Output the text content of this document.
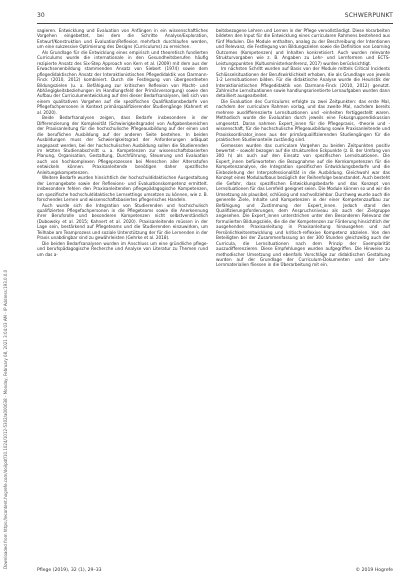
Downloaded from https://econtent.hogrefe.com/doi/pdf/10.1024/1012-5302/a000638 - Monday, February 08, 2021 3:04:03 AM - IP Address:193.0.0.0
30	SCHWERPUNKT

sagieren. Entwicklung und Evaluation von Anfängen in ein wissenschaftliches Vorgehen eingebettet, bei dem die Schritte Analyse/Exploration, Entwurf/Konstruktion und Evaluation/Reflexion mehrfach durchlaufen werden, um eine sukzessive Optimierung des Designs (Curriculums) zu erreichen.

Als Grundlage für die Entwicklung eines empirisch und theoretisch fundierten Curriculums wurde die internationale in den Gesundheitsberufen häufig rezipierte Ansatz des Six-Step Approach von Kern et al. (2009) mit dem aus der Erwachsenenbildung stammenden Ansatz von Siebert (1974) sowie dem pflegedidaktischen Ansatz der Interaktionistischen Pflegedidaktik von Darmann-Finck (2010, 2012) kombiniert. Durch die Festlegung von übergeordneten Bildungszielen (u. a. Befähigung zur kritischen Reflexion von Macht- und Abhängigkeitsbeziehungen im Handlungsfeld der Primärversorgung) sowie den Aufbau der Curriculumentwicklung auf drei dieser Bedarfsanalysen, ließ sich von einem qualitativen Vorgehen auf die spezifischen Qualifikationsbedarfe von Pflegefachpersonen in Kontext primärqualifizierender Studiengänge (Kahnert et al. 2020).

Beide Bedarfsanalysen zeigen, dass Bedarfe insbesondere in der Differenzierung der Komplexität (Schwierigkeitsgrade) von Aufgabenbereichen der Praxisanleitung für die hochschulische Pflegeausbildung auf der einen und die beruflichen Ausbildung auf der anderen Seite bestehen. In beiden Ausbildungen muss der Schwierigkeitsgrad der Anforderungen adäquat angepasst werden, bei der hochschulischen Ausbildung sollen die Studierenden im letzten Studienabschnitt u. a. Kompetenzen zur wissenschaftsbasierten Planung, Organisation, Gestaltung, Durchführung, Steuerung und Evaluation auch von hochkomplexen Pflegeprozessen bei Menschen aller Altersstufen entwickeln können. Praxisanleitende benötigen daher spezifische Anleitungskompetenzen.

Weitere Bedarfe wurden hinsichtlich der hochschuldidaktischen Ausgestaltung der Lernangebote sowie der Reflexions- und Evaluationskompetenz ermittelt. Insbesondere fehlen den Praxisanleitenden pflegepädagogische Kompetenzen, um spezifische hochschuldidaktische Lernsettings umsetzen zu können, wie z. B. forschendes Lernen und wissenschaftsbasiertes pflegerisches Handeln.

Auch wurde sich die Integration von Studierenden und hochschulisch qualifizierten Pflegefachpersonen in die Pflegeteams sowie die Anerkennung ihrer Berufsrolle und besonderen Kompetenzen nicht selbstverständlich (Dubowsky et al. 2015; Kahnert et al. 2020). Praxisanleitende müssen in der Lage sein, bestärkend auf Pflegeteams und die Studierenden einzuwirken, um Teilhabe am Teamprozess und soziale Unterstützung der für die Lernenden in der Praxis unabdingbar sind zu gewährleisten (Gehrke et al. 2018).

Die beiden Bedarfsanalysen wurden im Anschluss um eine gründliche pflege- und berufspädagogische Recherche und Analyse von Literatur zu Themen rund um das a-

beitsbezogene Lehren und Lernen in der Pflege vervollständigt. Diese Vorarbeiten bildeten den Input für die Entwicklung eines curricularen Rahmens bestehend aus fünf Modulen. Die Module enthalten, analog zu der Beschreibung der Intentionen und Relevanz, die Festlegung von Bildungszielen sowie die Definition von Learning Outcomes (Kompetenzen) und Inhalten konkretisiert. Auch wurden relevante Strukturvorgaben wie z. B. Angaben zu Lehr- und Lernformen und ECTS-Leistungspunkten (Kultusministerkonferenz, 2017) wurden berücksichtigt.

Im nächsten Schritt wurden auf Basis von der Module mittels Critical Incidents Schlüsselsituationen der Berufswirklichkeit erhoben, die als Grundlage von jeweils 1-2 Lernsituationen bilden. Für die didaktische Analyse wurde die Heuristik der Interaktionistischen Pflegedidaktik von Darmann-Finck (2010, 2012) genutzt. Zahlreiche Lernsituationen sowie handlungsorientierte Lernaufgaben wurden dann detailliert ausgearbeitet.

Die Evaluation des Curriculums erfolgte zu zwei Zeitpunkten: das erste Mal, nachdem der curriculare Rahmen vorlag, und das zweite Mal, nachdem bereits mehrere ausdifferenzierte Lernsituationen und -einheiten fertiggestellt waren. Methodisch wurde die Evaluation durch jeweils eine Fokusgruppendiskussion umgesetzt. Daran nahmen Expert_innen für die Pflegepraxis, -theorie und -wissenschaft, für die hochschulische Pflegeausbildung sowie Praxisanleitende und Praxiskoordinator_innen aus der primärqualifizierenden Studiengängen für die praktischen Studienanteile zuständig sind.

Gemessen wurden das curriculare Vorgehen zu beiden Zeitpunkten positiv bewertet – sowohl bezogen auf die strukturellen Eckpunkte (z. B. der Umfang von 300 h) als auch auf den Einsatz von spezifischen Lernsituationen. Die Expert_innen befürworteten die Bezugnahme auf die Kernkompetenzen für die Kompetenzanalyse, die Integration spezifischen Entwicklungsbedarfe und die Einbeziehung der Interprofessionalität in die Ausbildung. Gleichwohl war das Konzept eines Modulaufbaus bezüglich der Reihenfolge beanstandet. Auch besteht die Gefahr, dass spezifischen Entwicklungsbedarfe und das Konzept von Lernsituationen für das Lernfeld geeignet seien. Die Module können so und wir die Umsetzung als plausibel, schlüssig und nachvollziehbar. Durchweg wurde auch die generelle Ziele, Inhalte und Kompetenzen in der einer Kompetenzaufbau zur Befähigung und Zustimmung der Expert_innen. Jedoch stand den Qualifizierungsforderungen, dem Anspruchsniveau als auch der Zielgruppe angesehen. Die Expert_innen unterstrichen unter den Besonderen Relevanz der formulierten Bildungsziele, die die der Kompetenzen zur Förderung hinsichtlich der ausgehenden Praxisanleitung in Praxisanleitung hinausgehen und auf Persönlichkeitsentwicklung und kritisch-reflexive Kompetenz abzielen. Von den Beteiligten bei der Zusammenfassung an der 300 Stunden gleichzeitig auch der Curricula, die Lernsituationen nach dem Prinzip der Exemplarität auszudifferenzieren. Diese Empfehlungen wurden aufgegriffen. Die Hinweise zu methodischer Umsetzung und ebenfalls Vorschläge zur didaktischen Gestaltung wurden auf der Grundlage der Curriculum-Dokumenten und der Lehr-Lernmaterialien fliessen in die Überarbeitung mit ein.

Pflege (2019), 32 (1), 29–33	© 2019 Hogrefe
